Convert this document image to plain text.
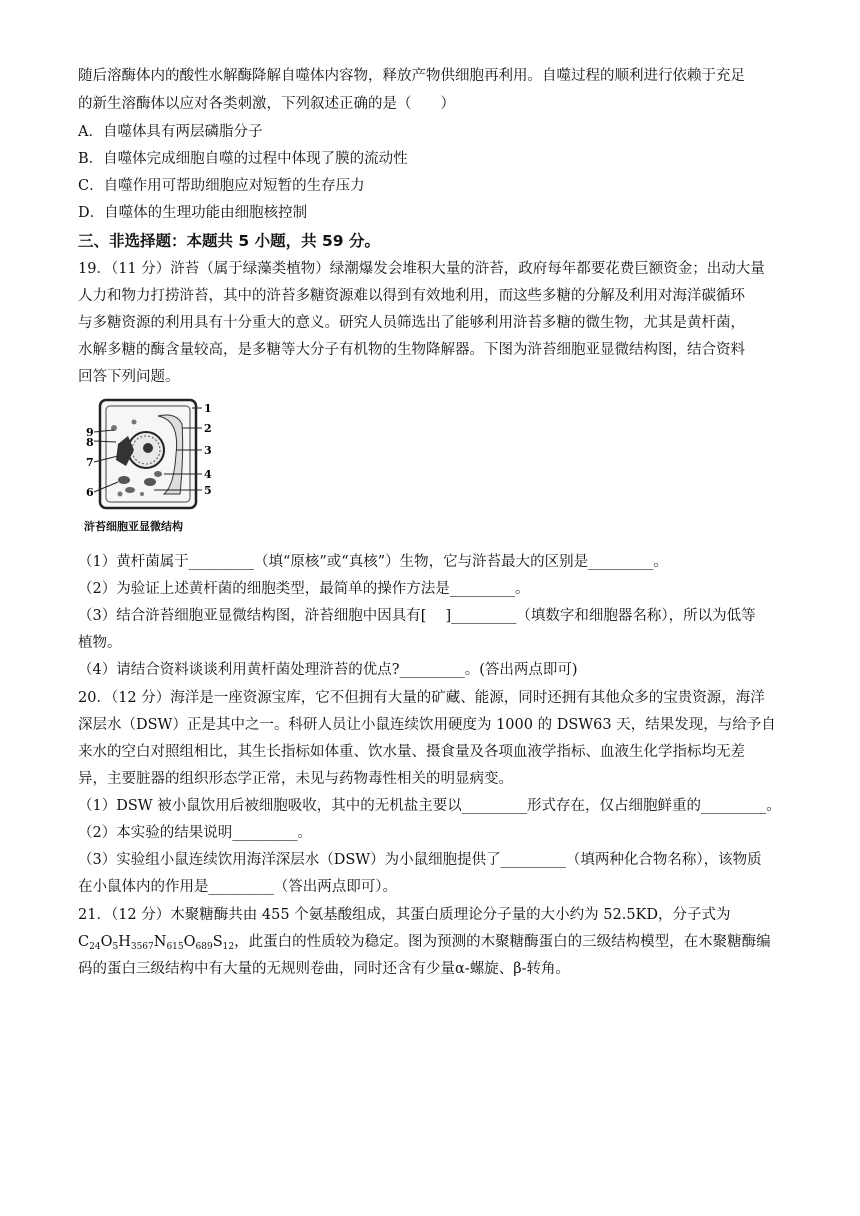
随后溶酶体内的酸性水解酶降解自噬体内容物，释放产物供细胞再利用。自噬过程的顺利进行依赖于充足

的新生溶酶体以应对各类刺激，下列叙述正确的是（　　）

A．自噬体具有两层磷脂分子

B．自噬体完成细胞自噬的过程中体现了膜的流动性

C．自噬作用可帮助细胞应对短暂的生存压力

D．自噬体的生理功能由细胞核控制

三、非选择题：本题共 5 小题，共 59 分。

19．（11 分）浒苔（属于绿藻类植物）绿潮爆发会堆积大量的浒苔，政府每年都要花费巨额资金；出动大量

人力和物力打捞浒苔，其中的浒苔多糖资源难以得到有效地利用，而这些多糖的分解及利用对海洋碳循环

与多糖资源的利用具有十分重大的意义。研究人员筛选出了能够利用浒苔多糖的微生物，尤其是黄杆菌，

水解多糖的酶含量较高，是多糖等大分子有机物的生物降解器。下图为浒苔细胞亚显微结构图，结合资料

回答下列问题。

1
2
3
4
5
9
8
7
6
浒苔细胞亚显微结构

（1）黄杆菌属于_________（填“原核”或“真核”）生物，它与浒苔最大的区别是_________。

（2）为验证上述黄杆菌的细胞类型，最简单的操作方法是_________。

（3）结合浒苔细胞亚显微结构图，浒苔细胞中因具有[　 ]_________（填数字和细胞器名称），所以为低等

植物。

（4）请结合资料谈谈利用黄杆菌处理浒苔的优点?_________。(答出两点即可)

20．（12 分）海洋是一座资源宝库，它不但拥有大量的矿藏、能源，同时还拥有其他众多的宝贵资源，海洋

深层水（DSW）正是其中之一。科研人员让小鼠连续饮用硬度为 1000 的 DSW63 天，结果发现，与给予自

来水的空白对照组相比，其生长指标如体重、饮水量、摄食量及各项血液学指标、血液生化学指标均无差

异，主要脏器的组织形态学正常，未见与药物毒性相关的明显病变。

（1）DSW 被小鼠饮用后被细胞吸收，其中的无机盐主要以_________形式存在，仅占细胞鲜重的_________。

（2）本实验的结果说明_________。

（3）实验组小鼠连续饮用海洋深层水（DSW）为小鼠细胞提供了_________（填两种化合物名称），该物质

在小鼠体内的作用是_________（答出两点即可）。

21．（12 分）木聚糖酶共由 455 个氨基酸组成，其蛋白质理论分子量的大小约为 52.5KD，分子式为

$C_{24}O_5H_{3567}N_{615}O_{689}S_{12}$，此蛋白的性质较为稳定。图为预测的木聚糖酶蛋白的三级结构模型，在木聚糖酶编

码的蛋白三级结构中有大量的无规则卷曲，同时还含有少量α-螺旋、β-转角。
